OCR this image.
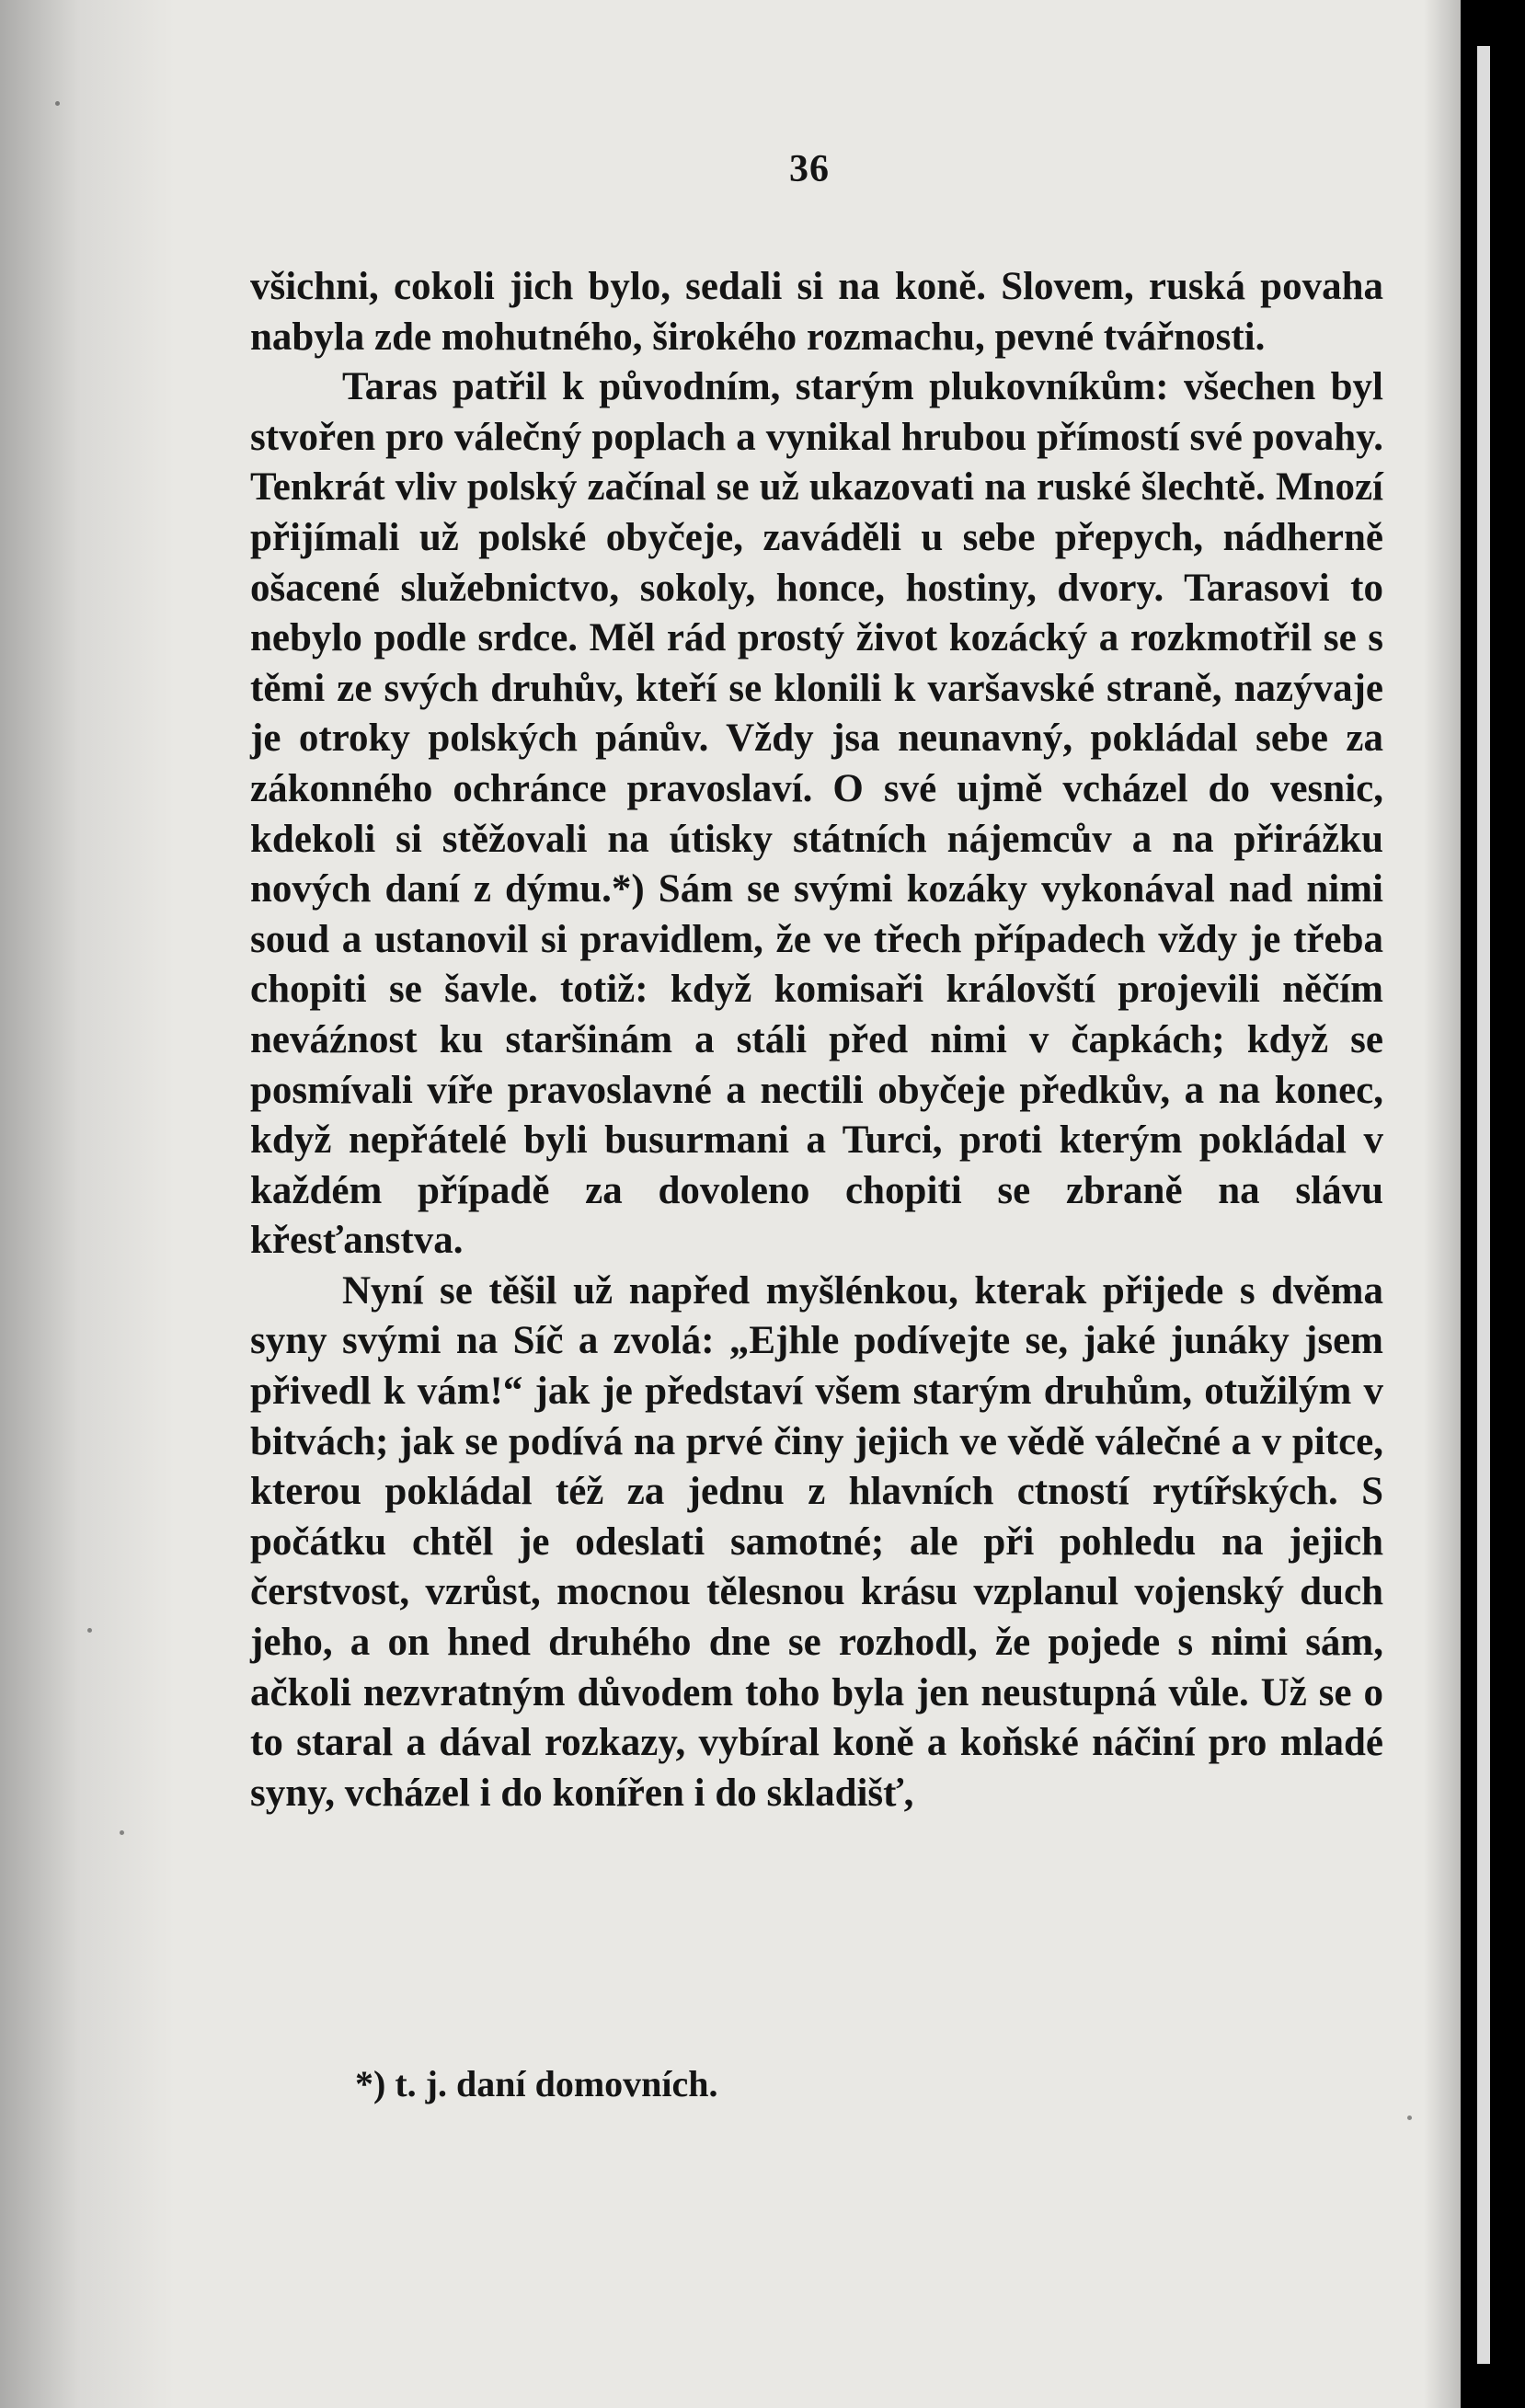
36

všichni, cokoli jich bylo, sedali si na koně. Slovem, ruská povaha nabyla zde mohutného, širokého rozmachu, pevné tvářnosti.

Taras patřil k původním, starým plukovníkům: všechen byl stvořen pro válečný poplach a vynikal hrubou přímostí své povahy. Tenkrát vliv polský začínal se už ukazovati na ruské šlechtě. Mnozí přijímali už polské obyčeje, zaváděli u sebe přepych, nádherně ošacené služebnictvo, sokoly, honce, hostiny, dvory. Tarasovi to nebylo podle srdce. Měl rád prostý život kozácký a rozkmotřil se s těmi ze svých druhův, kteří se klonili k varšavské straně, nazývaje je otroky polských pánův. Vždy jsa neunavný, pokládal sebe za zákonného ochránce pravoslaví. O své ujmě vcházel do vesnic, kdekoli si stěžovali na útisky státních nájemcův a na přirážku nových daní z dýmu.*) Sám se svými kozáky vykonával nad nimi soud a ustanovil si pravidlem, že ve třech případech vždy je třeba chopiti se šavle. totiž: když komisaři královští projevili něčím neváźnost ku staršinám a stáli před nimi v čapkách; když se posmívali víře pravoslavné a nectili obyčeje předkův, a na konec, když nepřátelé byli busurmani a Turci, proti kterým pokládal v každém případě za dovoleno chopiti se zbraně na slávu křesťanstva.

Nyní se těšil už napřed myšlénkou, kterak přijede s dvěma syny svými na Síč a zvolá: „Ejhle podívejte se, jaké junáky jsem přivedl k vám!“ jak je představí všem starým druhům, otužilým v bitvách; jak se podívá na prvé činy jejich ve vědě válečné a v pitce, kterou pokládal též za jednu z hlavních ctností rytířských. S počátku chtěl je odeslati samotné; ale při pohledu na jejich čerstvost, vzrůst, mocnou tělesnou krásu vzplanul vojenský duch jeho, a on hned druhého dne se rozhodl, že pojede s nimi sám, ačkoli nezvratným důvodem toho byla jen neustupná vůle. Už se o to staral a dával rozkazy, vybíral koně a koňské náčiní pro mladé syny, vcházel i do konířen i do skladišť,

*) t. j. daní domovních.
